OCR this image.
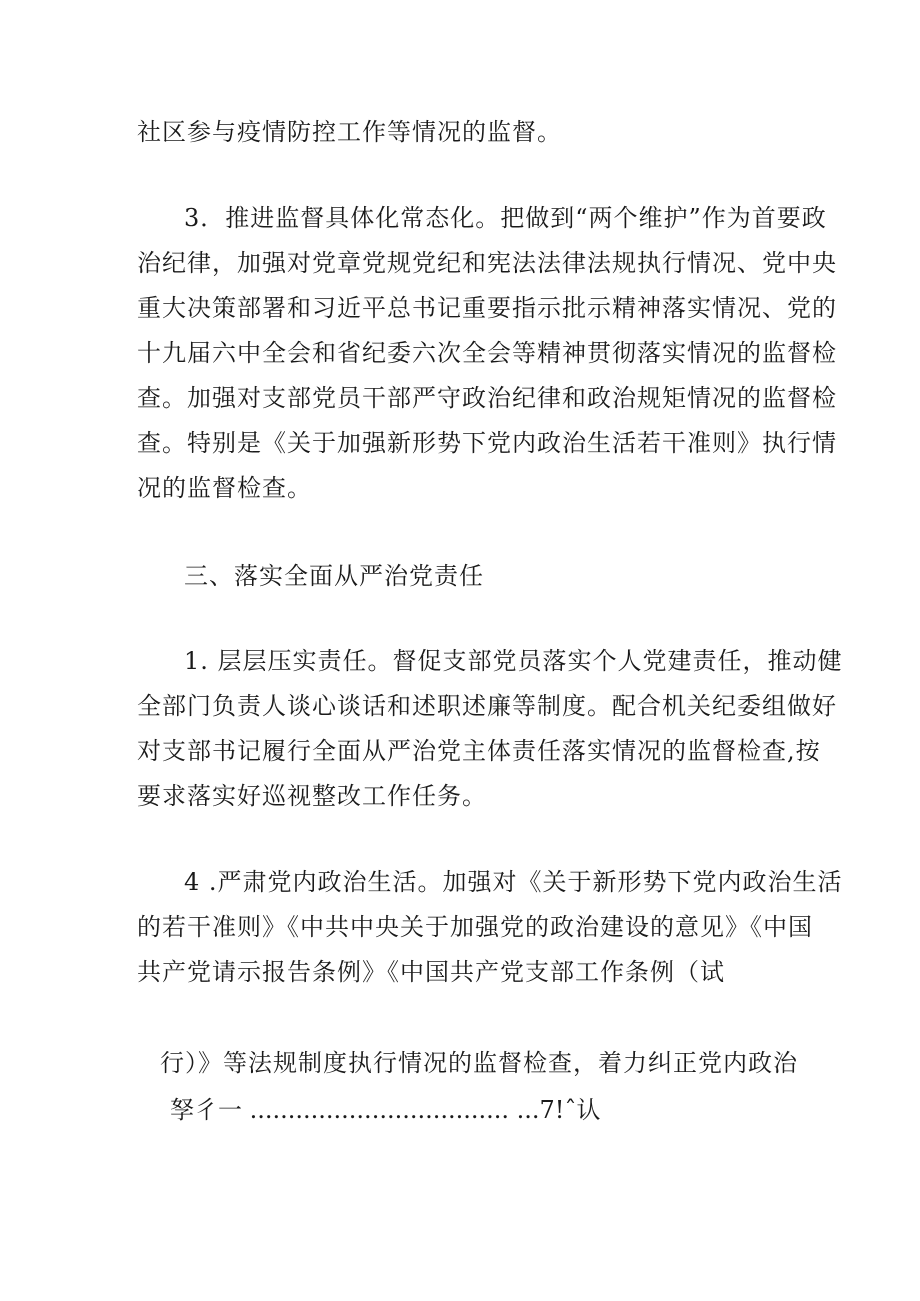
社区参与疫情防控工作等情况的监督。
3．推进监督具体化常态化。把做到“两个维护”作为首要政
治纪律，加强对党章党规党纪和宪法法律法规执行情况、党中央
重大决策部署和习近平总书记重要指示批示精神落实情况、党的
十九届六中全会和省纪委六次全会等精神贯彻落实情况的监督检
查。加强对支部党员干部严守政治纪律和政治规矩情况的监督检
查。特别是《关于加强新形势下党内政治生活若干准则》执行情
况的监督检查。
三、落实全面从严治党责任
1. 层层压实责任。督促支部党员落实个人党建责任，推动健
全部门负责人谈心谈话和述职述廉等制度。配合机关纪委组做好
对支部书记履行全面从严治党主体责任落实情况的监督检查,按
要求落实好巡视整改工作任务。
4 .严肃党内政治生活。加强对《关于新形势下党内政治生活
的若干准则》《中共中央关于加强党的政治建设的意见》《中国
共产党请示报告条例》《中国共产党支部工作条例（试
行）》等法规制度执行情况的监督检查，着力纠正党内政治
孥彳一 .................................. ...7!ˆ认
